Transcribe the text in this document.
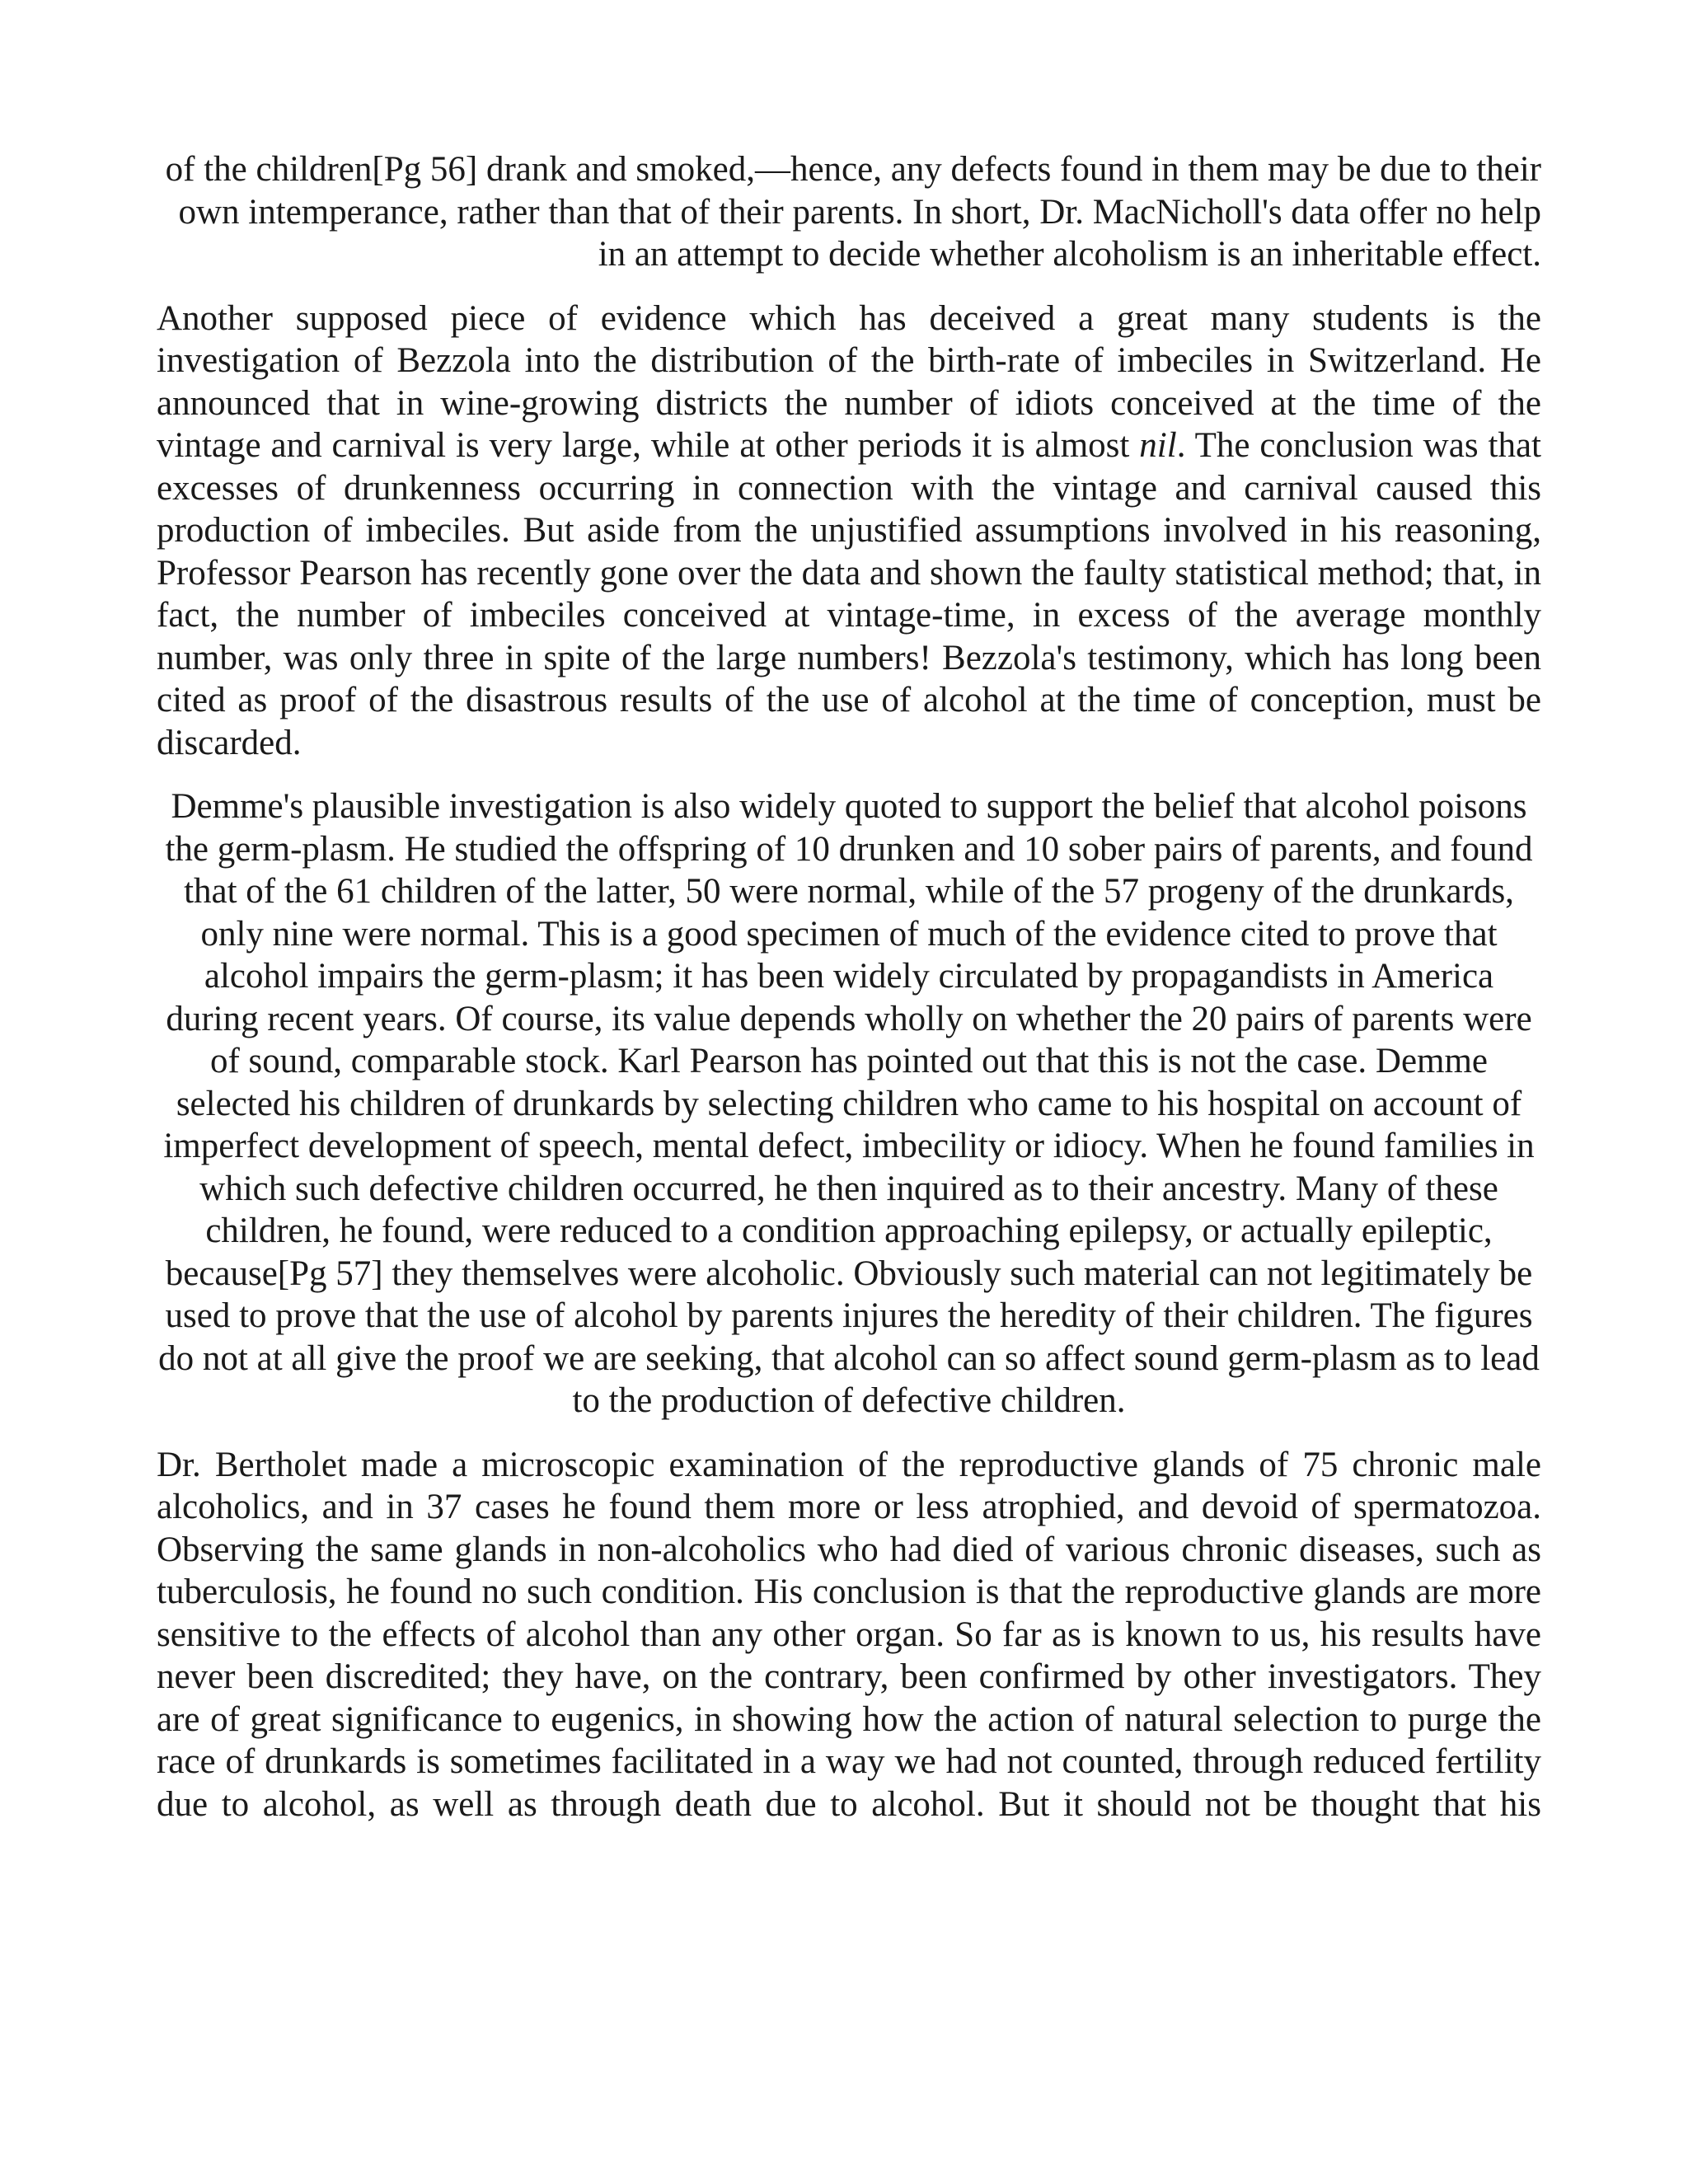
of the children[Pg 56] drank and smoked,—hence, any defects found in them may be due to their own intemperance, rather than that of their parents. In short, Dr. MacNicholl's data offer no help in an attempt to decide whether alcoholism is an inheritable effect.

Another supposed piece of evidence which has deceived a great many students is the investigation of Bezzola into the distribution of the birth-rate of imbeciles in Switzerland. He announced that in wine-growing districts the number of idiots conceived at the time of the vintage and carnival is very large, while at other periods it is almost nil. The conclusion was that excesses of drunkenness occurring in connection with the vintage and carnival caused this production of imbeciles. But aside from the unjustified assumptions involved in his reasoning, Professor Pearson has recently gone over the data and shown the faulty statistical method; that, in fact, the number of imbeciles conceived at vintage-time, in excess of the average monthly number, was only three in spite of the large numbers! Bezzola's testimony, which has long been cited as proof of the disastrous results of the use of alcohol at the time of conception, must be discarded.

Demme's plausible investigation is also widely quoted to support the belief that alcohol poisons the germ-plasm. He studied the offspring of 10 drunken and 10 sober pairs of parents, and found that of the 61 children of the latter, 50 were normal, while of the 57 progeny of the drunkards, only nine were normal. This is a good specimen of much of the evidence cited to prove that alcohol impairs the germ-plasm; it has been widely circulated by propagandists in America during recent years. Of course, its value depends wholly on whether the 20 pairs of parents were of sound, comparable stock. Karl Pearson has pointed out that this is not the case. Demme selected his children of drunkards by selecting children who came to his hospital on account of imperfect development of speech, mental defect, imbecility or idiocy. When he found families in which such defective children occurred, he then inquired as to their ancestry. Many of these children, he found, were reduced to a condition approaching epilepsy, or actually epileptic, because[Pg 57] they themselves were alcoholic. Obviously such material can not legitimately be used to prove that the use of alcohol by parents injures the heredity of their children. The figures do not at all give the proof we are seeking, that alcohol can so affect sound germ-plasm as to lead to the production of defective children.

Dr. Bertholet made a microscopic examination of the reproductive glands of 75 chronic male alcoholics, and in 37 cases he found them more or less atrophied, and devoid of spermatozoa. Observing the same glands in non-alcoholics who had died of various chronic diseases, such as tuberculosis, he found no such condition. His conclusion is that the reproductive glands are more sensitive to the effects of alcohol than any other organ. So far as is known to us, his results have never been discredited; they have, on the contrary, been confirmed by other investigators. They are of great significance to eugenics, in showing how the action of natural selection to purge the race of drunkards is sometimes facilitated in a way we had not counted, through reduced fertility due to alcohol, as well as through death due to alcohol. But it should not be thought that his
